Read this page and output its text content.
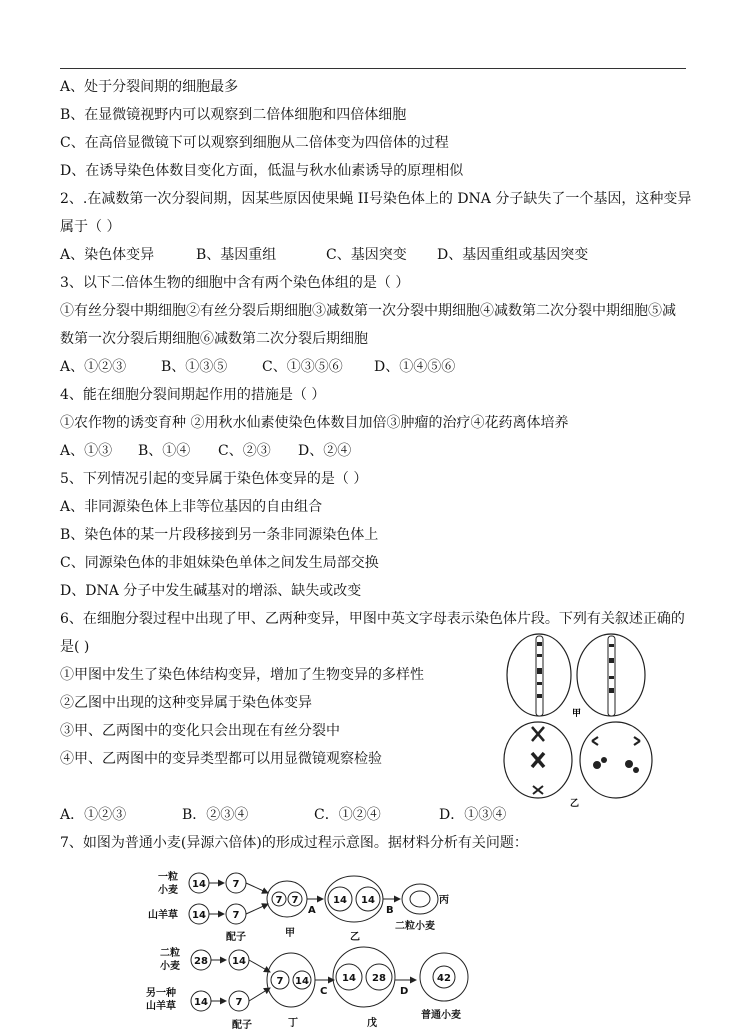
A、处于分裂间期的细胞最多
B、在显微镜视野内可以观察到二倍体细胞和四倍体细胞
C、在高倍显微镜下可以观察到细胞从二倍体变为四倍体的过程
D、在诱导染色体数目变化方面，低温与秋水仙素诱导的原理相似
2、.在减数第一次分裂间期，因某些原因使果蝇 II号染色体上的 DNA 分子缺失了一个基因，这种变异
属于（ ）
A、染色体变异	B、基因重组	C、基因突变 D、基因重组或基因突变
3、以下二倍体生物的细胞中含有两个染色体组的是（ ）
①有丝分裂中期细胞②有丝分裂后期细胞③减数第一次分裂中期细胞④减数第二次分裂中期细胞⑤减
数第一次分裂后期细胞⑥减数第二次分裂后期细胞
A、①②③ B、①③⑤ C、①③⑤⑥ D、①④⑤⑥
4、能在细胞分裂间期起作用的措施是（ ）
①农作物的诱变育种 ②用秋水仙素使染色体数目加倍③肿瘤的治疗④花药离体培养
A、①③ B、①④ C、②③ D、②④
5、下列情况引起的变异属于染色体变异的是（ ）
A、非同源染色体上非等位基因的自由组合
B、染色体的某一片段移接到另一条非同源染色体上
C、同源染色体的非姐妹染色单体之间发生局部交换
D、DNA 分子中发生碱基对的增添、缺失或改变
6、在细胞分裂过程中出现了甲、乙两种变异，甲图中英文字母表示染色体片段。下列有关叙述正确的
是( )
①甲图中发生了染色体结构变异，增加了生物变异的多样性
②乙图中出现的这种变异属于染色体变异
③甲、乙两图中的变化只会出现在有丝分裂中
④甲、乙两图中的变异类型都可以用显微镜观察检验
A．①②③	B．②③④	C．①②④	D．①③④
7、如图为普通小麦(异源六倍体)的形成过程示意图。据材料分析有关问题：
甲
乙
一粒
小麦
14	7
山羊草 14	7
配子
7 7
甲
A
14 14
乙
B
丙
二粒小麦
二粒
小麦 28 14
另一种
山羊草 14	7
配子
7 14
丁
C
14 28
戊
D
42
普通小麦
